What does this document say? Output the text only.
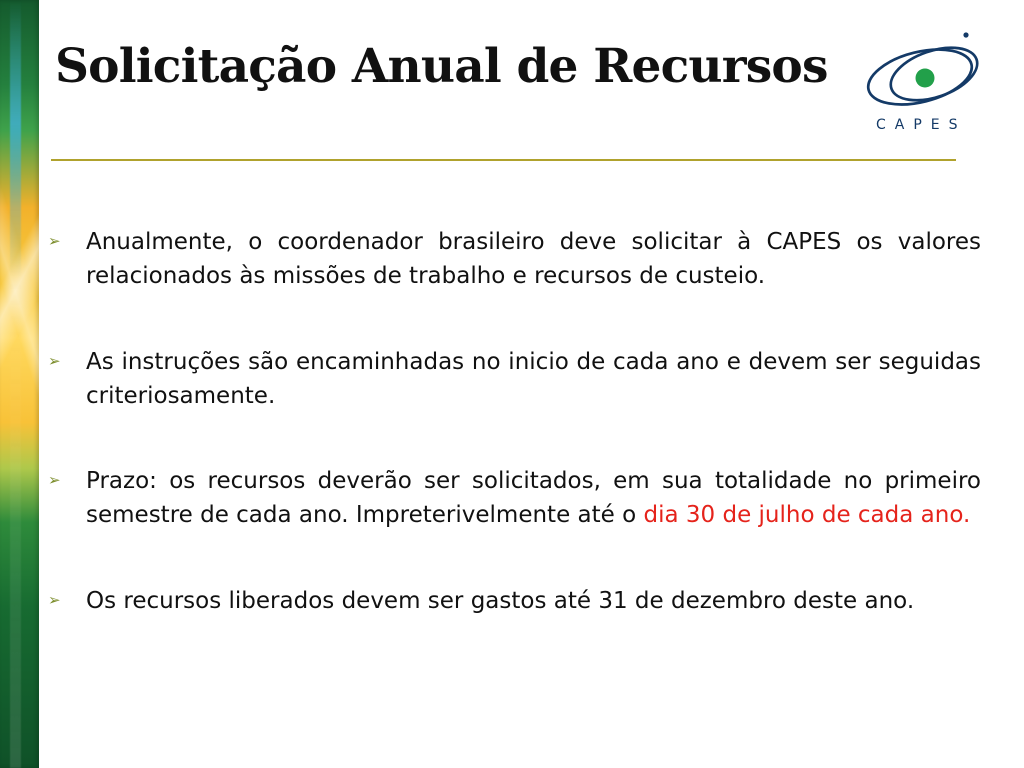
Solicitação Anual de Recursos
CAPES
➢ Anualmente, o coordenador brasileiro deve solicitar à CAPES os valores relacionados às missões de trabalho e recursos de custeio.
➢ As instruções são encaminhadas no inicio de cada ano e devem ser seguidas criteriosamente.
➢ Prazo: os recursos deverão ser solicitados, em sua totalidade no primeiro semestre de cada ano. Impreterivelmente até o dia 30 de julho de cada ano.
➢ Os recursos liberados devem ser gastos até 31 de dezembro deste ano.
